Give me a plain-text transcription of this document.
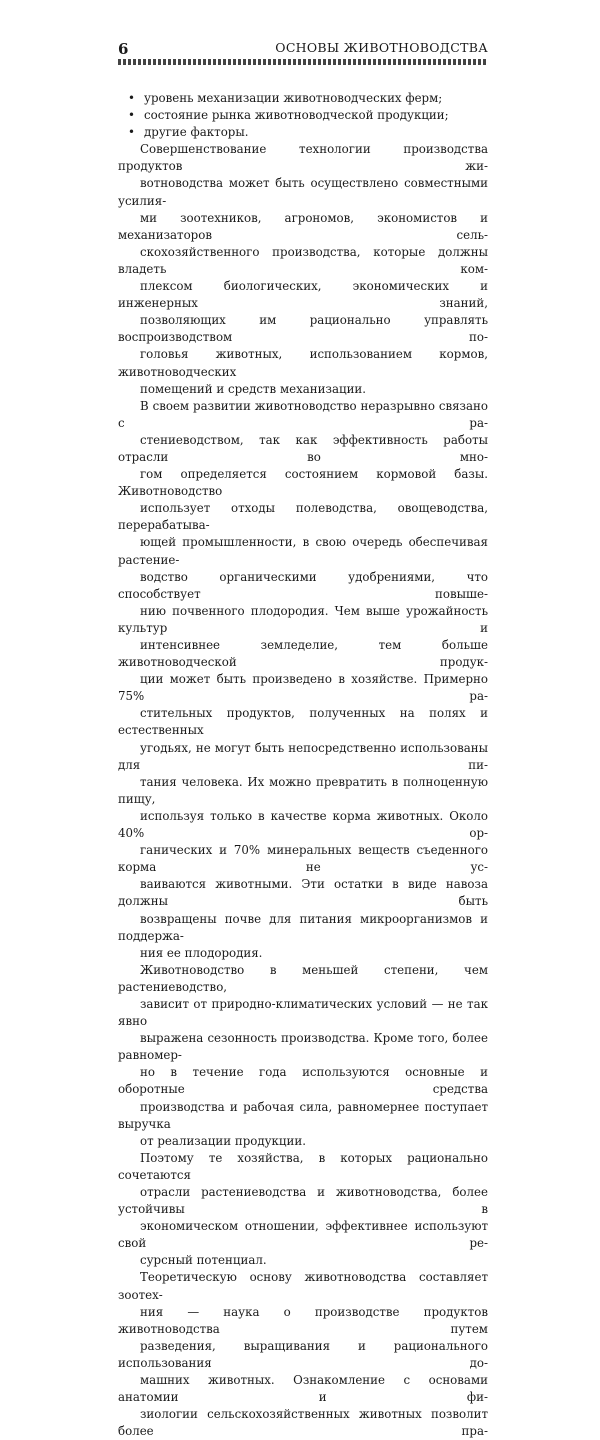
6	ОСНОВЫ ЖИВОТНОВОДСТВА
• уровень механизации животноводческих ферм;
• состояние рынка животноводческой продукции;
• другие факторы.

Совершенствование технологии производства продуктов жи-
вотноводства может быть осуществлено совместными усилия-
ми зоотехников, агрономов, экономистов и механизаторов сель-
скохозяйственного производства, которые должны владеть ком-
плексом биологических, экономических и инженерных знаний,
позволяющих им рационально управлять воспроизводством по-
головья животных, использованием кормов, животноводческих
помещений и средств механизации.

В своем развитии животноводство неразрывно связано с ра-
стениеводством, так как эффективность работы отрасли во мно-
гом определяется состоянием кормовой базы. Животноводство
использует отходы полеводства, овощеводства, перерабатыва-
ющей промышленности, в свою очередь обеспечивая растение-
водство органическими удобрениями, что способствует повыше-
нию почвенного плодородия. Чем выше урожайность культур и
интенсивнее земледелие, тем больше животноводческой продук-
ции может быть произведено в хозяйстве. Примерно 75% ра-
стительных продуктов, полученных на полях и естественных
угодьях, не могут быть непосредственно использованы для пи-
тания человека. Их можно превратить в полноценную пищу,
используя только в качестве корма животных. Около 40% ор-
ганических и 70% минеральных веществ съеденного корма не ус-
ваиваются животными. Эти остатки в виде навоза должны быть
возвращены почве для питания микроорганизмов и поддержа-
ния ее плодородия.

Животноводство в меньшей степени, чем растениеводство,
зависит от природно-климатических условий — не так явно
выражена сезонность производства. Кроме того, более равномер-
но в течение года используются основные и оборотные средства
производства и рабочая сила, равномернее поступает выручка
от реализации продукции.

Поэтому те хозяйства, в которых рационально сочетаются
отрасли растениеводства и животноводства, более устойчивы в
экономическом отношении, эффективнее используют свой ре-
сурсный потенциал.

Теоретическую основу животноводства составляет зоотех-
ния — наука о производстве продуктов животноводства путем
разведения, выращивания и рационального использования до-
машних животных. Ознакомление с основами анатомии и фи-
зиологии сельскохозяйственных животных позволит более пра-
